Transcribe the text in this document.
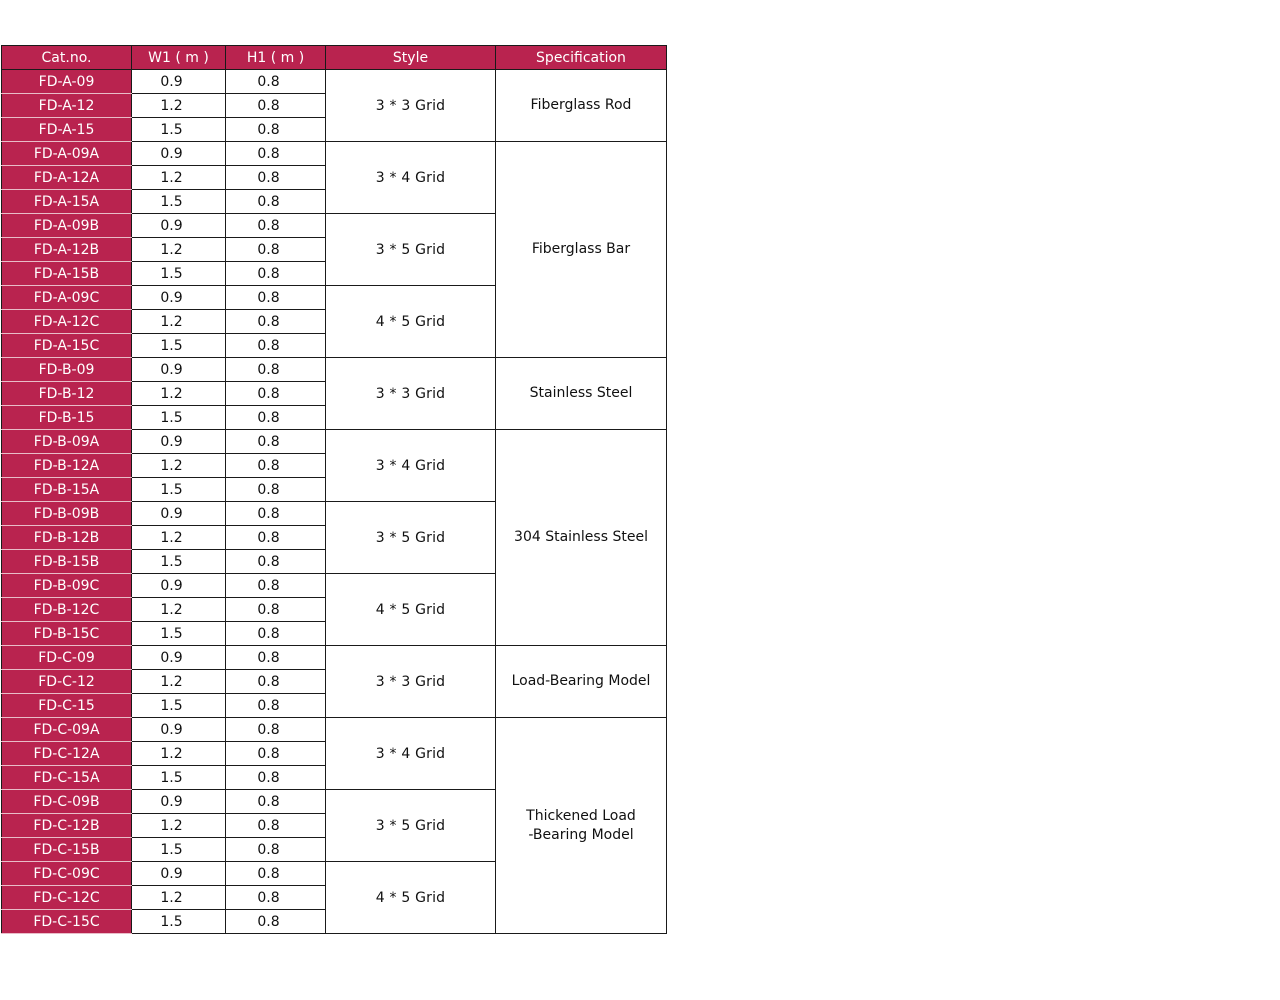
Cat.no.	W1 ( m )	H1 ( m )	Style	Specification
FD-A-09	0.9	0.8	3 * 3 Grid	Fiberglass Rod
FD-A-12	1.2	0.8		
FD-A-15	1.5	0.8		
FD-A-09A	0.9	0.8	3 * 4 Grid	Fiberglass Bar
FD-A-12A	1.2	0.8		
FD-A-15A	1.5	0.8		
FD-A-09B	0.9	0.8	3 * 5 Grid	
FD-A-12B	1.2	0.8		
FD-A-15B	1.5	0.8		
FD-A-09C	0.9	0.8	4 * 5 Grid	
FD-A-12C	1.2	0.8		
FD-A-15C	1.5	0.8		
FD-B-09	0.9	0.8	3 * 3 Grid	Stainless Steel
FD-B-12	1.2	0.8		
FD-B-15	1.5	0.8		
FD-B-09A	0.9	0.8	3 * 4 Grid	304 Stainless Steel
FD-B-12A	1.2	0.8		
FD-B-15A	1.5	0.8		
FD-B-09B	0.9	0.8	3 * 5 Grid	
FD-B-12B	1.2	0.8		
FD-B-15B	1.5	0.8		
FD-B-09C	0.9	0.8	4 * 5 Grid	
FD-B-12C	1.2	0.8		
FD-B-15C	1.5	0.8		
FD-C-09	0.9	0.8	3 * 3 Grid	Load-Bearing Model
FD-C-12	1.2	0.8		
FD-C-15	1.5	0.8		
FD-C-09A	0.9	0.8	3 * 4 Grid	Thickened Load
-Bearing Model
FD-C-12A	1.2	0.8		
FD-C-15A	1.5	0.8		
FD-C-09B	0.9	0.8	3 * 5 Grid	
FD-C-12B	1.2	0.8		
FD-C-15B	1.5	0.8		
FD-C-09C	0.9	0.8	4 * 5 Grid	
FD-C-12C	1.2	0.8		
FD-C-15C	1.5	0.8		
